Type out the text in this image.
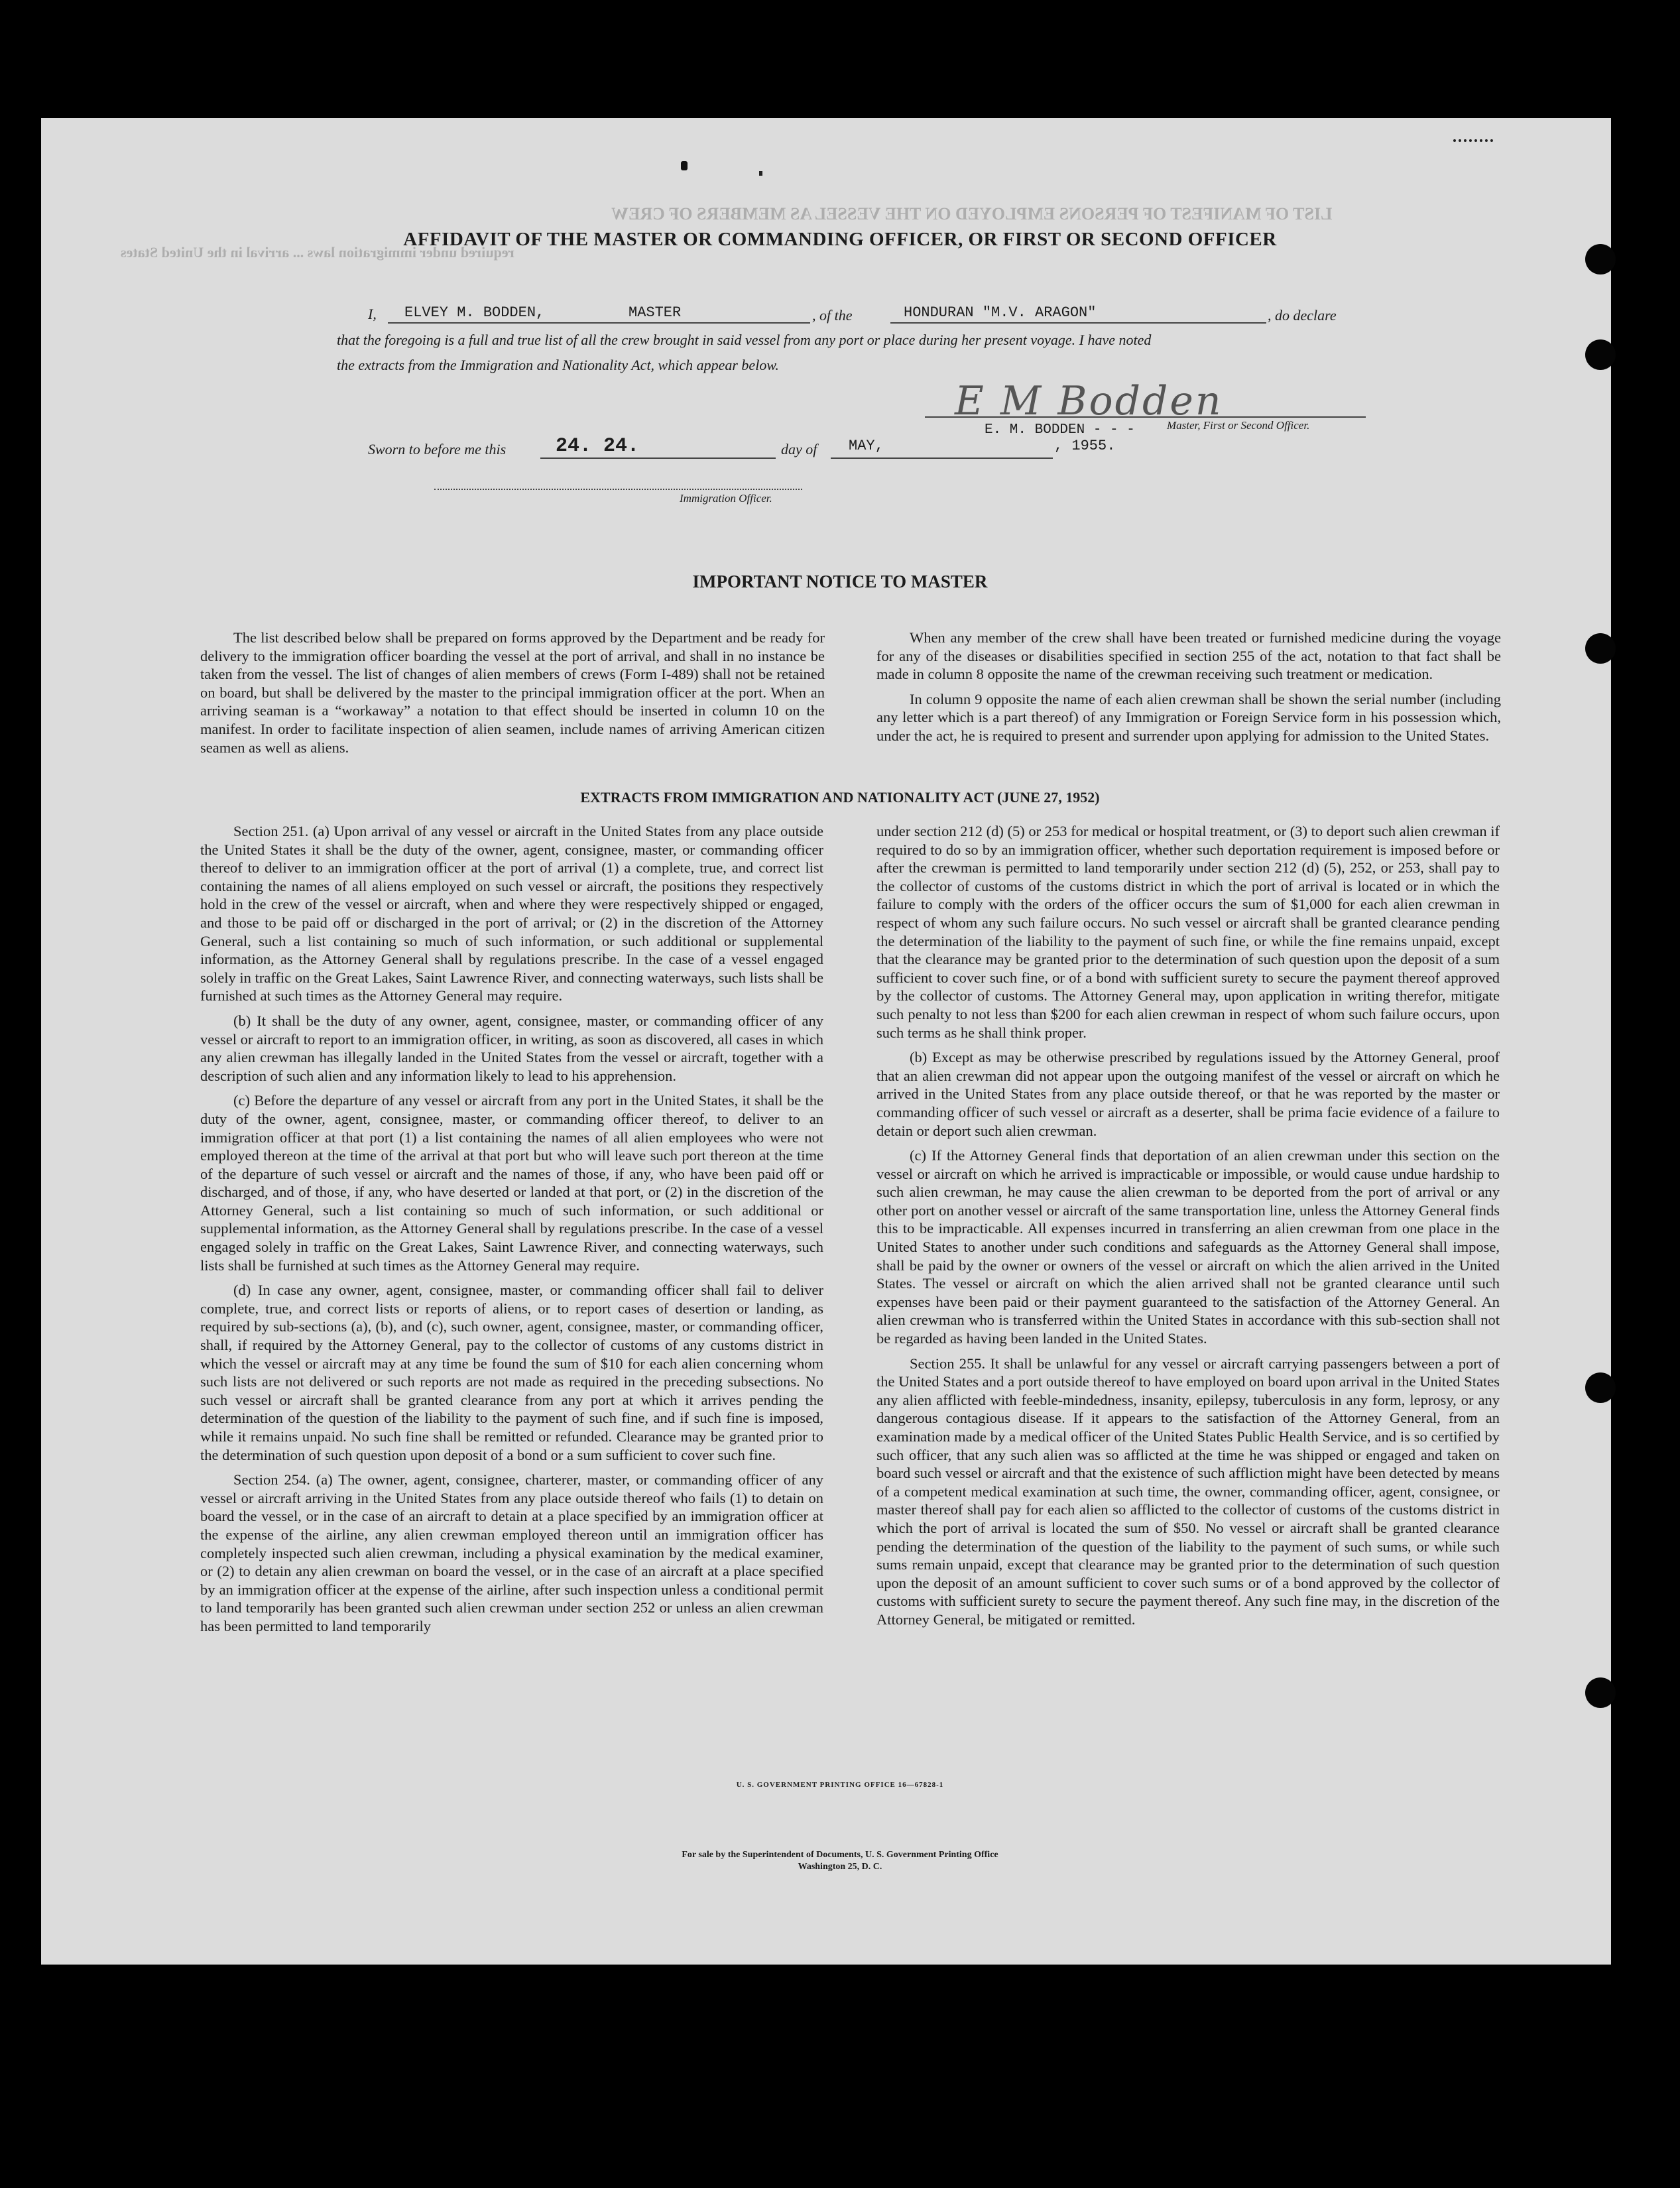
LIST OF MANIFEST OF PERSONS EMPLOYED ON THE VESSEL AS MEMBERS OF CREW
required under immigration laws ... arrival in the United States
AFFIDAVIT OF THE MASTER OR COMMANDING OFFICER, OR FIRST OR SECOND OFFICER
I, ELVEY M. BODDEN,	MASTER	, of the	HONDURAN "M.V. ARAGON"	, do declare
that the foregoing is a full and true list of all the crew brought in said vessel from any port or place during her present voyage. I have noted
the extracts from the Immigration and Nationality Act, which appear below.
E M Bodden
E. M. BODDEN - - -	Master, First or Second Officer.
Sworn to before me this 24. 24.	day of MAY,	, 1955.
Immigration Officer.
IMPORTANT NOTICE TO MASTER

The list described below shall be prepared on forms approved by the Department and be ready for delivery to the immigration officer boarding the vessel at the port of arrival, and shall in no instance be taken from the vessel. The list of changes of alien members of crews (Form I-489) shall not be retained on board, but shall be delivered by the master to the principal immigration officer at the port. When an arriving seaman is a “workaway” a notation to that effect should be inserted in column 10 on the manifest. In order to facilitate inspection of alien seamen, include names of arriving American citizen seamen as well as aliens.

When any member of the crew shall have been treated or furnished medicine during the voyage for any of the diseases or disabilities specified in section 255 of the act, notation to that fact shall be made in column 8 opposite the name of the crewman receiving such treatment or medication.

In column 9 opposite the name of each alien crewman shall be shown the serial number (including any letter which is a part thereof) of any Immigration or Foreign Service form in his possession which, under the act, he is required to present and surrender upon applying for admission to the United States.

EXTRACTS FROM IMMIGRATION AND NATIONALITY ACT (JUNE 27, 1952)

Section 251. (a) Upon arrival of any vessel or aircraft in the United States from any place outside the United States it shall be the duty of the owner, agent, consignee, master, or commanding officer thereof to deliver to an immigration officer at the port of arrival (1) a complete, true, and correct list containing the names of all aliens employed on such vessel or aircraft, the positions they respectively hold in the crew of the vessel or aircraft, when and where they were respectively shipped or engaged, and those to be paid off or discharged in the port of arrival; or (2) in the discretion of the Attorney General, such a list containing so much of such information, or such additional or supplemental information, as the Attorney General shall by regulations prescribe. In the case of a vessel engaged solely in traffic on the Great Lakes, Saint Lawrence River, and connecting waterways, such lists shall be furnished at such times as the Attorney General may require.

(b) It shall be the duty of any owner, agent, consignee, master, or commanding officer of any vessel or aircraft to report to an immigration officer, in writing, as soon as discovered, all cases in which any alien crewman has illegally landed in the United States from the vessel or aircraft, together with a description of such alien and any information likely to lead to his apprehension.

(c) Before the departure of any vessel or aircraft from any port in the United States, it shall be the duty of the owner, agent, consignee, master, or commanding officer thereof, to deliver to an immigration officer at that port (1) a list containing the names of all alien employees who were not employed thereon at the time of the arrival at that port but who will leave such port thereon at the time of the departure of such vessel or aircraft and the names of those, if any, who have been paid off or discharged, and of those, if any, who have deserted or landed at that port, or (2) in the discretion of the Attorney General, such a list containing so much of such information, or such additional or supplemental information, as the Attorney General shall by regulations prescribe. In the case of a vessel engaged solely in traffic on the Great Lakes, Saint Lawrence River, and connecting waterways, such lists shall be furnished at such times as the Attorney General may require.

(d) In case any owner, agent, consignee, master, or commanding officer shall fail to deliver complete, true, and correct lists or reports of aliens, or to report cases of desertion or landing, as required by sub-sections (a), (b), and (c), such owner, agent, consignee, master, or commanding officer, shall, if required by the Attorney General, pay to the collector of customs of any customs district in which the vessel or aircraft may at any time be found the sum of $10 for each alien concerning whom such lists are not delivered or such reports are not made as required in the preceding subsections. No such vessel or aircraft shall be granted clearance from any port at which it arrives pending the determination of the question of the liability to the payment of such fine, and if such fine is imposed, while it remains unpaid. No such fine shall be remitted or refunded. Clearance may be granted prior to the determination of such question upon deposit of a bond or a sum sufficient to cover such fine.

Section 254. (a) The owner, agent, consignee, charterer, master, or commanding officer of any vessel or aircraft arriving in the United States from any place outside thereof who fails (1) to detain on board the vessel, or in the case of an aircraft to detain at a place specified by an immigration officer at the expense of the airline, any alien crewman employed thereon until an immigration officer has completely inspected such alien crewman, including a physical examination by the medical examiner, or (2) to detain any alien crewman on board the vessel, or in the case of an aircraft at a place specified by an immigration officer at the expense of the airline, after such inspection unless a conditional permit to land temporarily has been granted such alien crewman under section 252 or unless an alien crewman has been permitted to land temporarily

under section 212 (d) (5) or 253 for medical or hospital treatment, or (3) to deport such alien crewman if required to do so by an immigration officer, whether such deportation requirement is imposed before or after the crewman is permitted to land temporarily under section 212 (d) (5), 252, or 253, shall pay to the collector of customs of the customs district in which the port of arrival is located or in which the failure to comply with the orders of the officer occurs the sum of $1,000 for each alien crewman in respect of whom any such failure occurs. No such vessel or aircraft shall be granted clearance pending the determination of the liability to the payment of such fine, or while the fine remains unpaid, except that the clearance may be granted prior to the determination of such question upon the deposit of a sum sufficient to cover such fine, or of a bond with sufficient surety to secure the payment thereof approved by the collector of customs. The Attorney General may, upon application in writing therefor, mitigate such penalty to not less than $200 for each alien crewman in respect of whom such failure occurs, upon such terms as he shall think proper.

(b) Except as may be otherwise prescribed by regulations issued by the Attorney General, proof that an alien crewman did not appear upon the outgoing manifest of the vessel or aircraft on which he arrived in the United States from any place outside thereof, or that he was reported by the master or commanding officer of such vessel or aircraft as a deserter, shall be prima facie evidence of a failure to detain or deport such alien crewman.

(c) If the Attorney General finds that deportation of an alien crewman under this section on the vessel or aircraft on which he arrived is impracticable or impossible, or would cause undue hardship to such alien crewman, he may cause the alien crewman to be deported from the port of arrival or any other port on another vessel or aircraft of the same transportation line, unless the Attorney General finds this to be impracticable. All expenses incurred in transferring an alien crewman from one place in the United States to another under such conditions and safeguards as the Attorney General shall impose, shall be paid by the owner or owners of the vessel or aircraft on which the alien arrived in the United States. The vessel or aircraft on which the alien arrived shall not be granted clearance until such expenses have been paid or their payment guaranteed to the satisfaction of the Attorney General. An alien crewman who is transferred within the United States in accordance with this sub-section shall not be regarded as having been landed in the United States.

Section 255. It shall be unlawful for any vessel or aircraft carrying passengers between a port of the United States and a port outside thereof to have employed on board upon arrival in the United States any alien afflicted with feeble-mindedness, insanity, epilepsy, tuberculosis in any form, leprosy, or any dangerous contagious disease. If it appears to the satisfaction of the Attorney General, from an examination made by a medical officer of the United States Public Health Service, and is so certified by such officer, that any such alien was so afflicted at the time he was shipped or engaged and taken on board such vessel or aircraft and that the existence of such affliction might have been detected by means of a competent medical examination at such time, the owner, commanding officer, agent, consignee, or master thereof shall pay for each alien so afflicted to the collector of customs of the customs district in which the port of arrival is located the sum of $50. No vessel or aircraft shall be granted clearance pending the determination of the question of the liability to the payment of such sums, or while such sums remain unpaid, except that clearance may be granted prior to the determination of such question upon the deposit of an amount sufficient to cover such sums or of a bond approved by the collector of customs with sufficient surety to secure the payment thereof. Any such fine may, in the discretion of the Attorney General, be mitigated or remitted.

U. S. GOVERNMENT PRINTING OFFICE 16—67828-1
For sale by the Superintendent of Documents, U. S. Government Printing Office
Washington 25, D. C.
